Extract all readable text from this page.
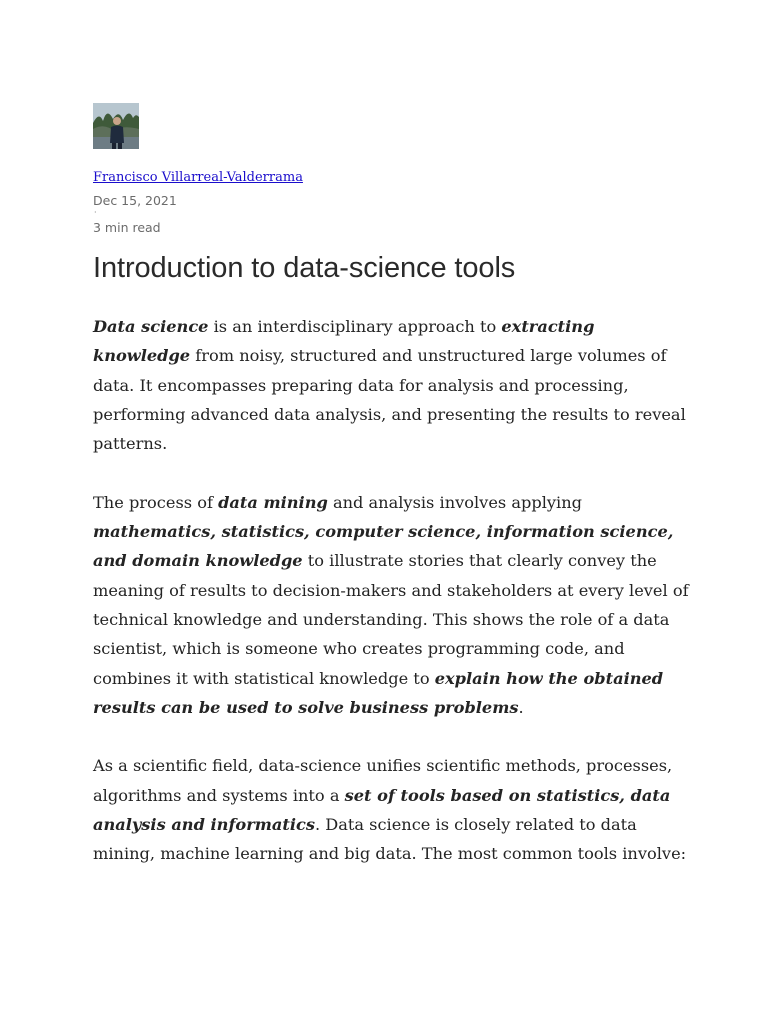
Francisco Villarreal-Valderrama
Dec 15, 2021
·
3 min read
Introduction to data-science tools

Data science is an interdisciplinary approach to extracting knowledge from noisy, structured and unstructured large volumes of data. It encompasses preparing data for analysis and processing, performing advanced data analysis, and presenting the results to reveal patterns.

The process of data mining and analysis involves applying mathematics, statistics, computer science, information science, and domain knowledge to illustrate stories that clearly convey the meaning of results to decision-makers and stakeholders at every level of technical knowledge and understanding. This shows the role of a data scientist, which is someone who creates programming code, and combines it with statistical knowledge to explain how the obtained results can be used to solve business problems.

As a scientific field, data-science unifies scientific methods, processes, algorithms and systems into a set of tools based on statistics, data analysis and informatics. Data science is closely related to data mining, machine learning and big data. The most common tools involve:
